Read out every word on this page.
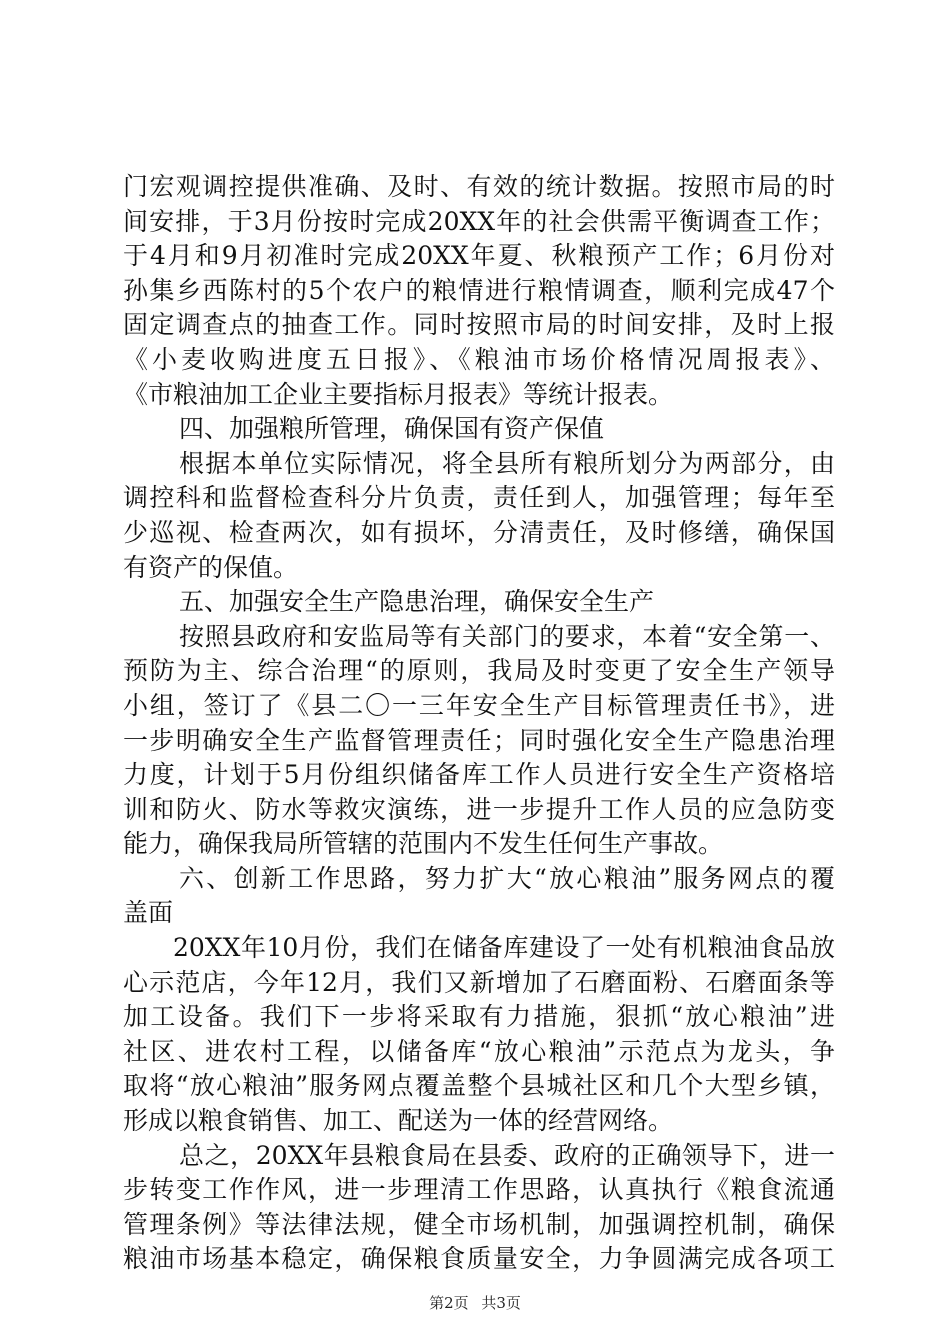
门宏观调控提供准确、及时、有效的统计数据。按照市局的时
间安排，于3月份按时完成20XX年的社会供需平衡调查工作；
于4月和9月初准时完成20XX年夏、秋粮预产工作；6月份对
孙集乡西陈村的5个农户的粮情进行粮情调查，顺利完成47个
固定调查点的抽查工作。同时按照市局的时间安排，及时上报
《小麦收购进度五日报》、《粮油市场价格情况周报表》、
《市粮油加工企业主要指标月报表》等统计报表。
四、加强粮所管理，确保国有资产保值
根据本单位实际情况，将全县所有粮所划分为两部分，由
调控科和监督检查科分片负责，责任到人，加强管理；每年至
少巡视、检查两次，如有损坏，分清责任，及时修缮，确保国
有资产的保值。
五、加强安全生产隐患治理，确保安全生产
按照县政府和安监局等有关部门的要求，本着“安全第一、
预防为主、综合治理“的原则，我局及时变更了安全生产领导
小组，签订了《县二〇一三年安全生产目标管理责任书》，进
一步明确安全生产监督管理责任；同时强化安全生产隐患治理
力度，计划于5月份组织储备库工作人员进行安全生产资格培
训和防火、防水等救灾演练，进一步提升工作人员的应急防变
能力，确保我局所管辖的范围内不发生任何生产事故。
六、创新工作思路，努力扩大“放心粮油”服务网点的覆
盖面
20XX年10月份，我们在储备库建设了一处有机粮油食品放
心示范店，今年12月，我们又新增加了石磨面粉、石磨面条等
加工设备。我们下一步将采取有力措施，狠抓“放心粮油”进
社区、进农村工程，以储备库“放心粮油”示范点为龙头，争
取将“放心粮油”服务网点覆盖整个县城社区和几个大型乡镇，
形成以粮食销售、加工、配送为一体的经营网络。
总之，20XX年县粮食局在县委、政府的正确领导下，进一
步转变工作作风，进一步理清工作思路，认真执行《粮食流通
管理条例》等法律法规，健全市场机制，加强调控机制，确保
粮油市场基本稳定，确保粮食质量安全，力争圆满完成各项工
第2页 共3页
